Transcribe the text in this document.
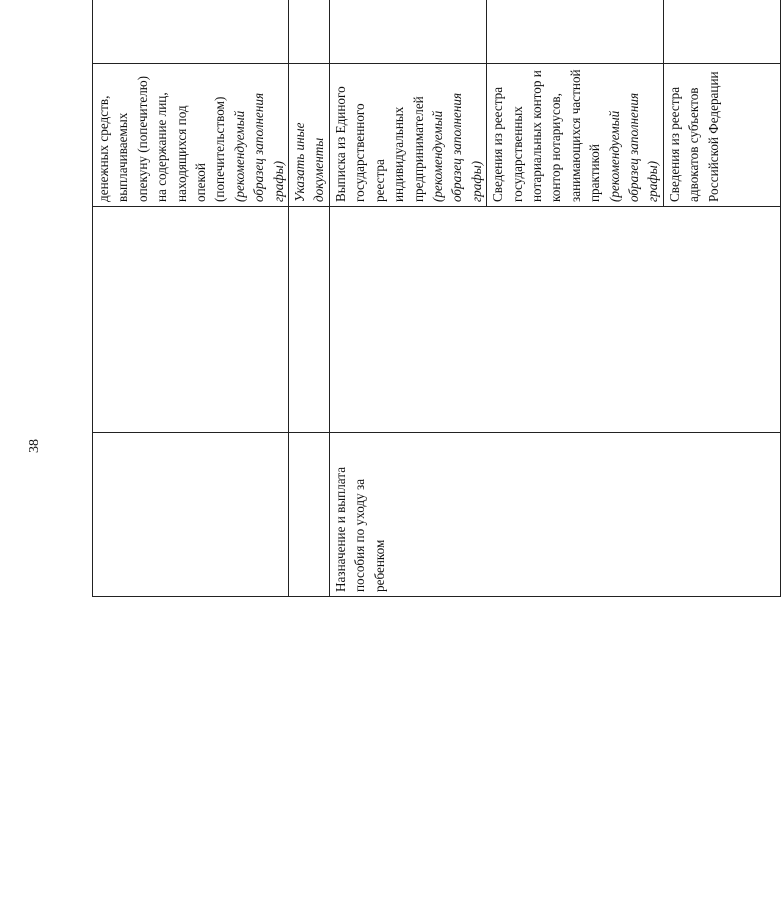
38
		денежных средств, выплачиваемых опекуну (попечителю) на содержание лиц, находящихся под опекой (попечительством) (рекомендуемый образец заполнения графы)		
		Указать иные документы		
Назначение и выплата пособия по уходу за ребенком		Выписка из Единого государственного реестра индивидуальных предпринимателей (рекомендуемый образец заполнения графы)		
		Сведения из реестра государственных нотариальных контор и контор нотариусов, занимающихся частной практикой (рекомендуемый образец заполнения графы)		
		Сведения из реестра адвокатов субъектов Российской Федерации		
